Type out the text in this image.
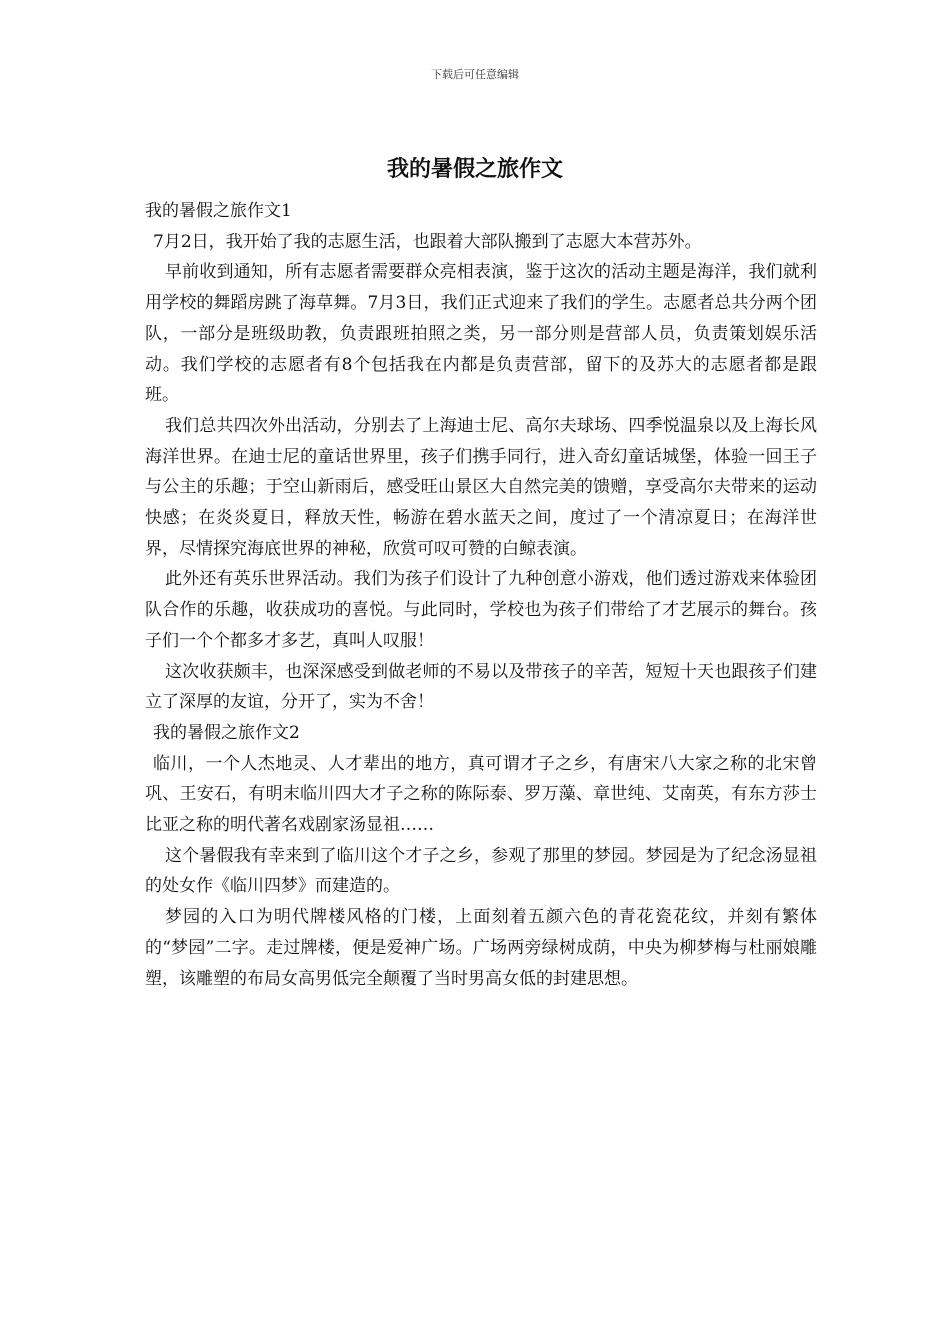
下载后可任意编辑
我的暑假之旅作文

我的暑假之旅作文1

7月2日，我开始了我的志愿生活，也跟着大部队搬到了志愿大本营苏外。

早前收到通知，所有志愿者需要群众亮相表演，鉴于这次的活动主题是海洋，我们就利用学校的舞蹈房跳了海草舞。7月3日，我们正式迎来了我们的学生。志愿者总共分两个团队，一部分是班级助教，负责跟班拍照之类，另一部分则是营部人员，负责策划娱乐活动。我们学校的志愿者有8个包括我在内都是负责营部，留下的及苏大的志愿者都是跟班。

我们总共四次外出活动，分别去了上海迪士尼、高尔夫球场、四季悦温泉以及上海长风海洋世界。在迪士尼的童话世界里，孩子们携手同行，进入奇幻童话城堡，体验一回王子与公主的乐趣；于空山新雨后，感受旺山景区大自然完美的馈赠，享受高尔夫带来的运动快感；在炎炎夏日，释放天性，畅游在碧水蓝天之间，度过了一个清凉夏日；在海洋世界，尽情探究海底世界的神秘，欣赏可叹可赞的白鲸表演。

此外还有英乐世界活动。我们为孩子们设计了九种创意小游戏，他们透过游戏来体验团队合作的乐趣，收获成功的喜悦。与此同时，学校也为孩子们带给了才艺展示的舞台。孩子们一个个都多才多艺，真叫人叹服！

这次收获颇丰，也深深感受到做老师的不易以及带孩子的辛苦，短短十天也跟孩子们建立了深厚的友谊，分开了，实为不舍！

我的暑假之旅作文2

临川，一个人杰地灵、人才辈出的地方，真可谓才子之乡，有唐宋八大家之称的北宋曾巩、王安石，有明末临川四大才子之称的陈际泰、罗万藻、章世纯、艾南英，有东方莎士比亚之称的明代著名戏剧家汤显祖……

这个暑假我有幸来到了临川这个才子之乡，参观了那里的梦园。梦园是为了纪念汤显祖的处女作《临川四梦》而建造的。

梦园的入口为明代牌楼风格的门楼，上面刻着五颜六色的青花瓷花纹，并刻有繁体的“梦园”二字。走过牌楼，便是爱神广场。广场两旁绿树成荫，中央为柳梦梅与杜丽娘雕塑，该雕塑的布局女高男低完全颠覆了当时男高女低的封建思想。
